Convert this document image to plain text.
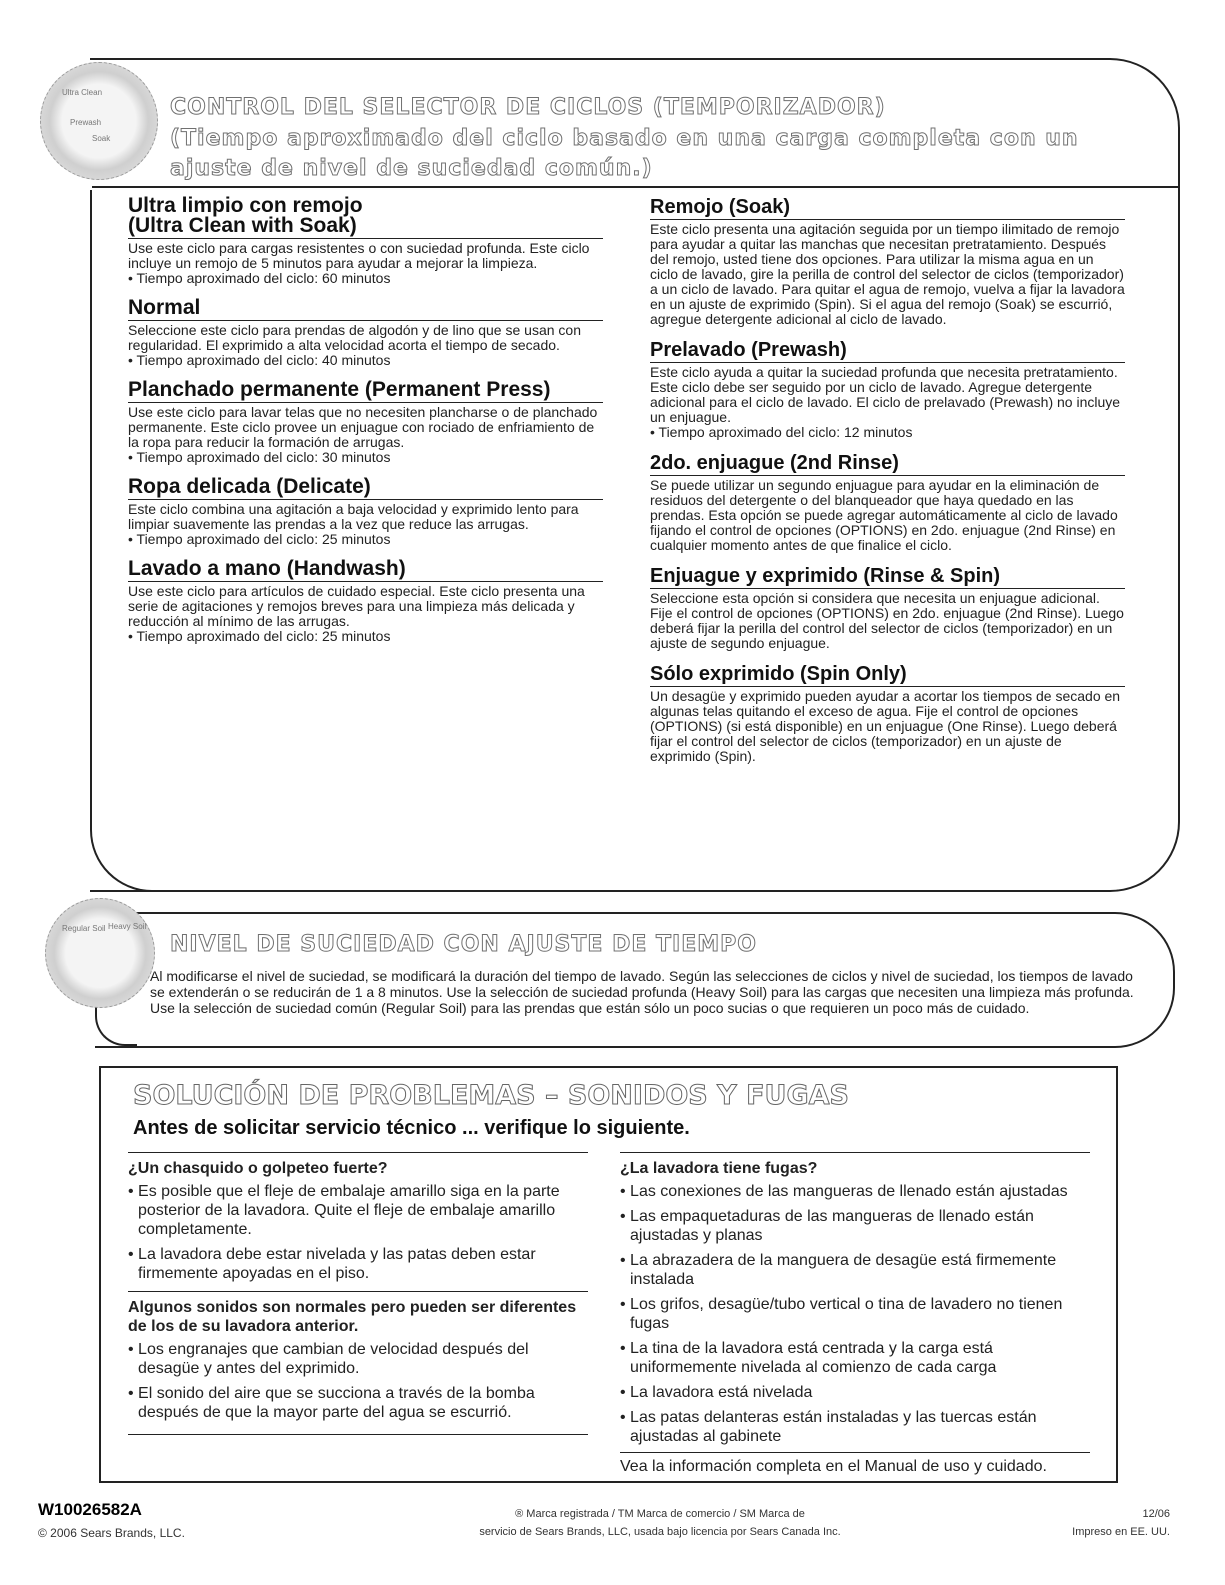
Ultra Clean
Prewash
Soak
CONTROL DEL SELECTOR DE CICLOS (TEMPORIZADOR)
(Tiempo aproximado del ciclo basado en una carga completa con un
ajuste de nivel de suciedad común.)

Ultra limpio con remojo
(Ultra Clean with Soak)

Use este ciclo para cargas resistentes o con suciedad profunda. Este ciclo incluye un remojo de 5 minutos para ayudar a mejorar la limpieza.

• Tiempo aproximado del ciclo: 60 minutos

Normal

Seleccione este ciclo para prendas de algodón y de lino que se usan con regularidad. El exprimido a alta velocidad acorta el tiempo de secado.

• Tiempo aproximado del ciclo: 40 minutos

Planchado permanente (Permanent Press)

Use este ciclo para lavar telas que no necesiten plancharse o de planchado permanente. Este ciclo provee un enjuague con rociado de enfriamiento de la ropa para reducir la formación de arrugas.

• Tiempo aproximado del ciclo: 30 minutos

Ropa delicada (Delicate)

Este ciclo combina una agitación a baja velocidad y exprimido lento para limpiar suavemente las prendas a la vez que reduce las arrugas.

• Tiempo aproximado del ciclo: 25 minutos

Lavado a mano (Handwash)

Use este ciclo para artículos de cuidado especial. Este ciclo presenta una serie de agitaciones y remojos breves para una limpieza más delicada y reducción al mínimo de las arrugas.

• Tiempo aproximado del ciclo: 25 minutos

Remojo (Soak)

Este ciclo presenta una agitación seguida por un tiempo ilimitado de remojo para ayudar a quitar las manchas que necesitan pretratamiento. Después del remojo, usted tiene dos opciones. Para utilizar la misma agua en un ciclo de lavado, gire la perilla de control del selector de ciclos (temporizador) a un ciclo de lavado. Para quitar el agua de remojo, vuelva a fijar la lavadora en un ajuste de exprimido (Spin). Si el agua del remojo (Soak) se escurrió, agregue detergente adicional al ciclo de lavado.

Prelavado (Prewash)

Este ciclo ayuda a quitar la suciedad profunda que necesita pretratamiento. Este ciclo debe ser seguido por un ciclo de lavado. Agregue detergente adicional para el ciclo de lavado. El ciclo de prelavado (Prewash) no incluye un enjuague.

• Tiempo aproximado del ciclo: 12 minutos

2do. enjuague (2nd Rinse)

Se puede utilizar un segundo enjuague para ayudar en la eliminación de residuos del detergente o del blanqueador que haya quedado en las prendas. Esta opción se puede agregar automáticamente al ciclo de lavado fijando el control de opciones (OPTIONS) en 2do. enjuague (2nd Rinse) en cualquier momento antes de que finalice el ciclo.

Enjuague y exprimido (Rinse & Spin)

Seleccione esta opción si considera que necesita un enjuague adicional. Fije el control de opciones (OPTIONS) en 2do. enjuague (2nd Rinse). Luego deberá fijar la perilla del control del selector de ciclos (temporizador) en un ajuste de segundo enjuague.

Sólo exprimido (Spin Only)

Un desagüe y exprimido pueden ayudar a acortar los tiempos de secado en algunas telas quitando el exceso de agua. Fije el control de opciones (OPTIONS) (si está disponible) en un enjuague (One Rinse). Luego deberá fijar el control del selector de ciclos (temporizador) en un ajuste de exprimido (Spin).

Regular Soil Heavy Soil
NIVEL DE SUCIEDAD CON AJUSTE DE TIEMPO
Al modificarse el nivel de suciedad, se modificará la duración del tiempo de lavado. Según las selecciones de ciclos y nivel de suciedad, los tiempos de lavado se extenderán o se reducirán de 1 a 8 minutos. Use la selección de suciedad profunda (Heavy Soil) para las cargas que necesiten una limpieza más profunda. Use la selección de suciedad común (Regular Soil) para las prendas que están sólo un poco sucias o que requieren un poco más de cuidado.
SOLUCIÓN DE PROBLEMAS – SONIDOS Y FUGAS
Antes de solicitar servicio técnico ... verifique lo siguiente.

¿Un chasquido o golpeteo fuerte?

• Es posible que el fleje de embalaje amarillo siga en la parte posterior de la lavadora. Quite el fleje de embalaje amarillo completamente.

• La lavadora debe estar nivelada y las patas deben estar firmemente apoyadas en el piso.

Algunos sonidos son normales pero pueden ser diferentes de los de su lavadora anterior.

• Los engranajes que cambian de velocidad después del desagüe y antes del exprimido.

• El sonido del aire que se succiona a través de la bomba después de que la mayor parte del agua se escurrió.

¿La lavadora tiene fugas?

• Las conexiones de las mangueras de llenado están ajustadas

• Las empaquetaduras de las mangueras de llenado están ajustadas y planas

• La abrazadera de la manguera de desagüe está firmemente instalada

• Los grifos, desagüe/tubo vertical o tina de lavadero no tienen fugas

• La tina de la lavadora está centrada y la carga está uniformemente nivelada al comienzo de cada carga

• La lavadora está nivelada

• Las patas delanteras están instaladas y las tuercas están ajustadas al gabinete

Vea la información completa en el Manual de uso y cuidado.

W10026582A
© 2006 Sears Brands, LLC.
® Marca registrada / TM Marca de comercio / SM Marca de
servicio de Sears Brands, LLC, usada bajo licencia por Sears Canada Inc.
12/06
Impreso en EE. UU.
